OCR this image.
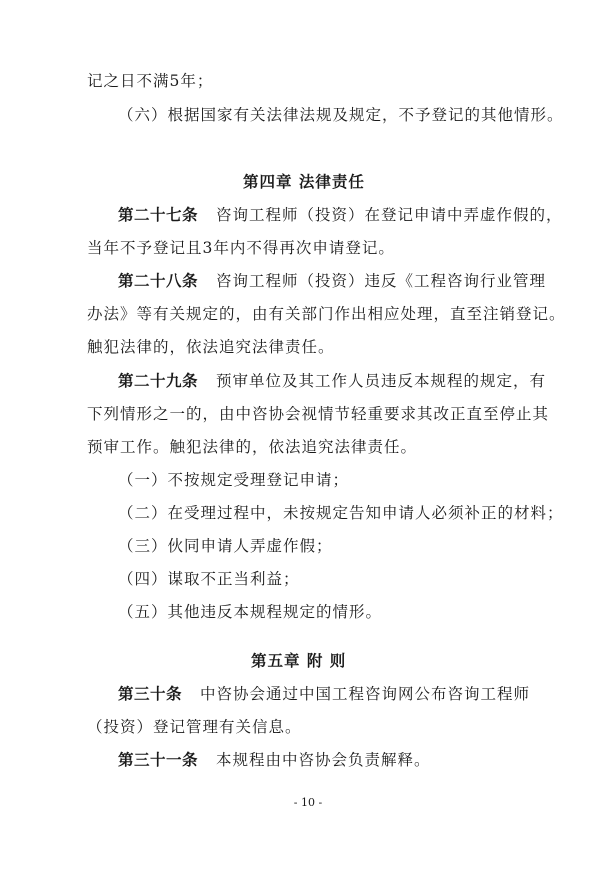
记之日不满5年；
（六）根据国家有关法律法规及规定，不予登记的其他情形。
第四章 法律责任
第二十七条 咨询工程师（投资）在登记申请中弄虚作假的，
当年不予登记且3年内不得再次申请登记。
第二十八条 咨询工程师（投资）违反《工程咨询行业管理
办法》等有关规定的，由有关部门作出相应处理，直至注销登记。
触犯法律的，依法追究法律责任。
第二十九条 预审单位及其工作人员违反本规程的规定，有
下列情形之一的，由中咨协会视情节轻重要求其改正直至停止其
预审工作。触犯法律的，依法追究法律责任。
（一）不按规定受理登记申请；
（二）在受理过程中，未按规定告知申请人必须补正的材料；
（三）伙同申请人弄虚作假；
（四）谋取不正当利益；
（五）其他违反本规程规定的情形。
第五章 附 则
第三十条 中咨协会通过中国工程咨询网公布咨询工程师
（投资）登记管理有关信息。
第三十一条 本规程由中咨协会负责解释。
- 10 -
